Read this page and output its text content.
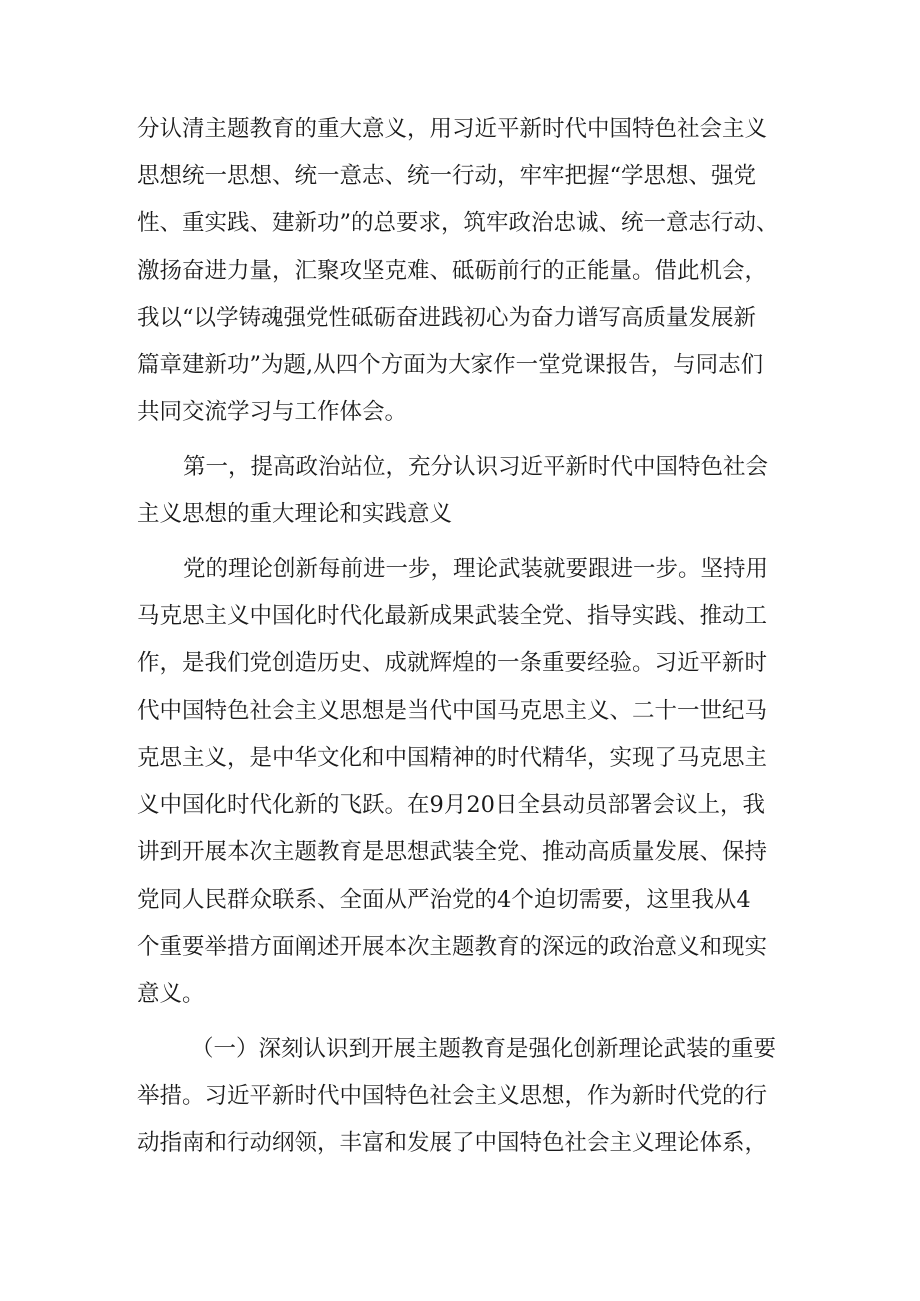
分认清主题教育的重大意义，用习近平新时代中国特色社会主义
思想统一思想、统一意志、统一行动，牢牢把握“学思想、强党
性、重实践、建新功”的总要求，筑牢政治忠诚、统一意志行动、
激扬奋进力量，汇聚攻坚克难、砥砺前行的正能量。借此机会，
我以“以学铸魂强党性砥砺奋进践初心为奋力谱写高质量发展新
篇章建新功”为题,从四个方面为大家作一堂党课报告，与同志们
共同交流学习与工作体会。
第一，提高政治站位，充分认识习近平新时代中国特色社会
主义思想的重大理论和实践意义
党的理论创新每前进一步，理论武装就要跟进一步。坚持用
马克思主义中国化时代化最新成果武装全党、指导实践、推动工
作，是我们党创造历史、成就辉煌的一条重要经验。习近平新时
代中国特色社会主义思想是当代中国马克思主义、二十一世纪马
克思主义，是中华文化和中国精神的时代精华，实现了马克思主
义中国化时代化新的飞跃。在9月20日全县动员部署会议上，我
讲到开展本次主题教育是思想武装全党、推动高质量发展、保持
党同人民群众联系、全面从严治党的4个迫切需要，这里我从4
个重要举措方面阐述开展本次主题教育的深远的政治意义和现实
意义。
（一）深刻认识到开展主题教育是强化创新理论武装的重要
举措。习近平新时代中国特色社会主义思想，作为新时代党的行
动指南和行动纲领，丰富和发展了中国特色社会主义理论体系，
